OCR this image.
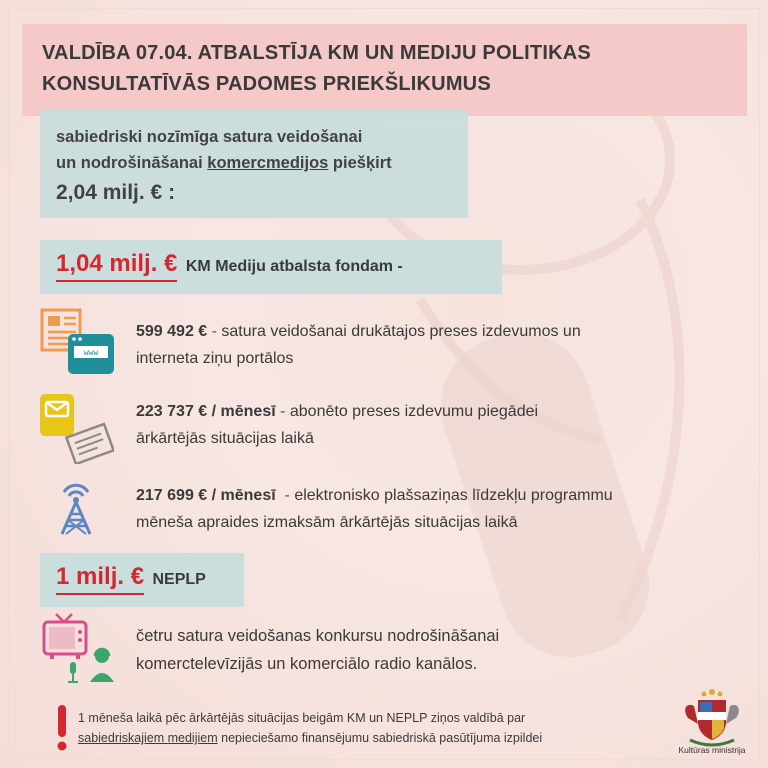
VALDĪBA 07.04. ATBALSTĪJA KM UN MEDIJU POLITIKAS
KONSULTATĪVĀS PADOMES PRIEKŠLIKUMUS
sabiedriski nozīmīga satura veidošanai
un nodrošināšanai komercmedijos piešķirt
2,04 milj. € :
1,04 milj. € KM Mediju atbalsta fondam -
www
599 492 € - satura veidošanai drukātajos preses izdevumos un
interneta ziņu portālos
223 737 € / mēnesī - abonēto preses izdevumu piegādei
ārkārtējās situācijas laikā
217 699 € / mēnesī  - elektronisko plašsaziņas līdzekļu programmu
mēneša apraides izmaksām ārkārtējās situācijas laikā
1 milj. € NEPLP
četru satura veidošanas konkursu nodrošināšanai
komerctelevīzijās un komerciālo radio kanālos.
1 mēneša laikā pēc ārkārtējās situācijas beigām KM un NEPLP ziņos valdībā par
sabiedriskajiem medijiem nepieciešamo finansējumu sabiedriskā pasūtījuma izpildei
Kultūras ministrija
